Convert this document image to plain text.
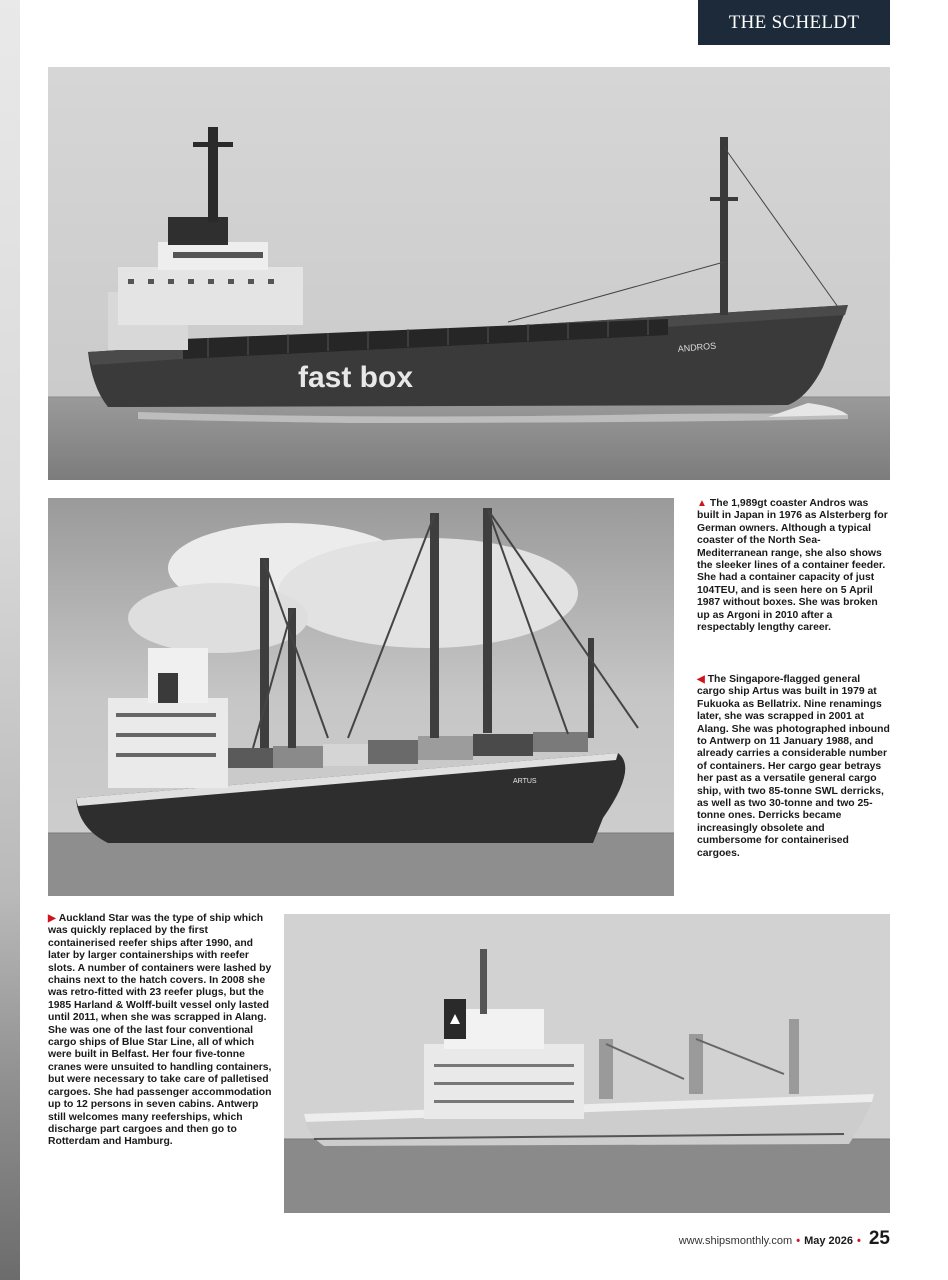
THE SCHELDT
fast box
ANDROS
ARTUS
▲ The 1,989gt coaster Andros was built in Japan in 1976 as Alsterberg for German owners. Although a typical coaster of the North Sea-Mediterranean range, she also shows the sleeker lines of a container feeder. She had a container capacity of just 104TEU, and is seen here on 5 April 1987 without boxes. She was broken up as Argoni in 2010 after a respectably lengthy career.
◀ The Singapore-flagged general cargo ship Artus was built in 1979 at Fukuoka as Bellatrix. Nine renamings later, she was scrapped in 2001 at Alang. She was photographed inbound to Antwerp on 11 January 1988, and already carries a considerable number of containers. Her cargo gear betrays her past as a versatile general cargo ship, with two 85-tonne SWL derricks, as well as two 30-tonne and two 25-tonne ones. Derricks became increasingly obsolete and cumbersome for containerised cargoes.
▶ Auckland Star was the type of ship which was quickly replaced by the first containerised reefer ships after 1990, and later by larger containerships with reefer slots. A number of containers were lashed by chains next to the hatch covers. In 2008 she was retro-fitted with 23 reefer plugs, but the 1985 Harland & Wolff-built vessel only lasted until 2011, when she was scrapped in Alang. She was one of the last four conventional cargo ships of Blue Star Line, all of which were built in Belfast. Her four five-tonne cranes were unsuited to handling containers, but were necessary to take care of palletised cargoes. She had passenger accommodation up to 12 persons in seven cabins. Antwerp still welcomes many reeferships, which discharge part cargoes and then go to Rotterdam and Hamburg.
www.shipsmonthly.com • May 2026 • 25
